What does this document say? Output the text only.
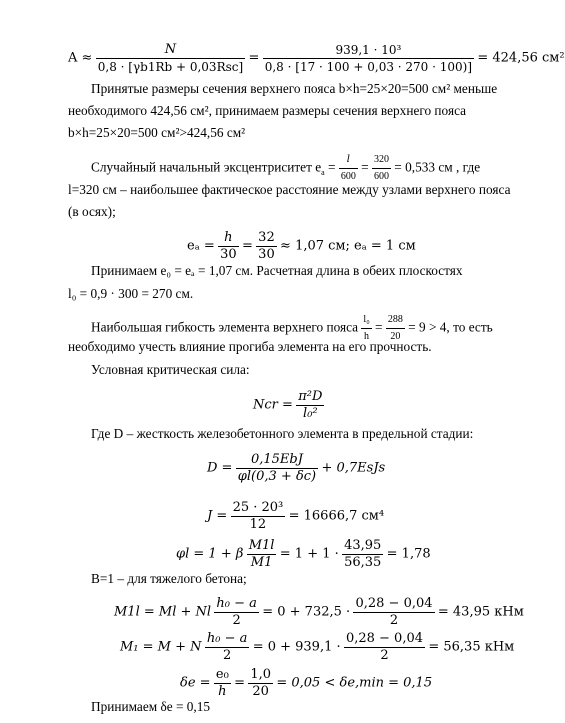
$A \approx \frac{N}{\text{0,8 · [γb1Rb + 0,03Rsc]}} = \frac{\text{939,1 · 10³}}{0,8 \cdot [17 \cdot 100 + 0,03 \cdot 270 \cdot 100)]} = 424,56$ см²
Принятые размеры сечения верхнего пояса b×h=25×20=500 см² меньше
необходимого 424,56 см², принимаем размеры сечения верхнего пояса
b×h=25×20=500 см²>424,56 см²
Случайный начальный эксцентриситет $e_a = \frac{l}{600} = \frac{320}{600} = 0,533$ см , где
l=320 см – наибольшее фактическое расстояние между узлами верхнего пояса
(в осях);
$e_a = \frac{h}{30} = \frac{32}{30} \approx 1,07$ см; eₐ = 1 см
Принимаем e₀ = eₐ = 1,07 см. Расчетная длина в обеих плоскостях
l₀ = 0,9 · 300 = 270 см.
Наибольшая гибкость элемента верхнего пояса $\frac{\text{l₀}}{h} = \frac{288}{20} = 9 > 4$, то есть
необходимо учесть влияние прогиба элемента на его прочность.
Условная критическая сила:
Ncr = $\frac{\text{π²D}}{\text{l₀²}}$
Где D – жесткость железобетонного элемента в предельной стадии:
$D = \frac{\text{0,15EbJ}}{\varphi l(0,3 + \delta c)}$ + 0,7EsJs
$J = \frac{\text{25 · 20³}}{12} = 16666,7$ см⁴
φl = 1 + β $\frac{M1l}{M1} = 1 + 1 \cdot \frac{43,95}{56,35} = 1,78$
В=1 – для тяжелого бетона;
M1l = Ml + Nl $\frac{\text{h₀ − a}}{2} = 0 + 732,5 \cdot \frac{0,28 - 0,04}{2} = 43,95$ кНм
M₁ = M + N $\frac{\text{h₀ − a}}{2} = 0 + 939,1 \cdot \frac{0,28 - 0,04}{2} = 56,35$ кНм
$\delta e = \frac{\text{e₀}}{h} = \frac{1,0}{20} = 0,05 < \delta e,\min = 0,15$
Принимаем δe = 0,15
